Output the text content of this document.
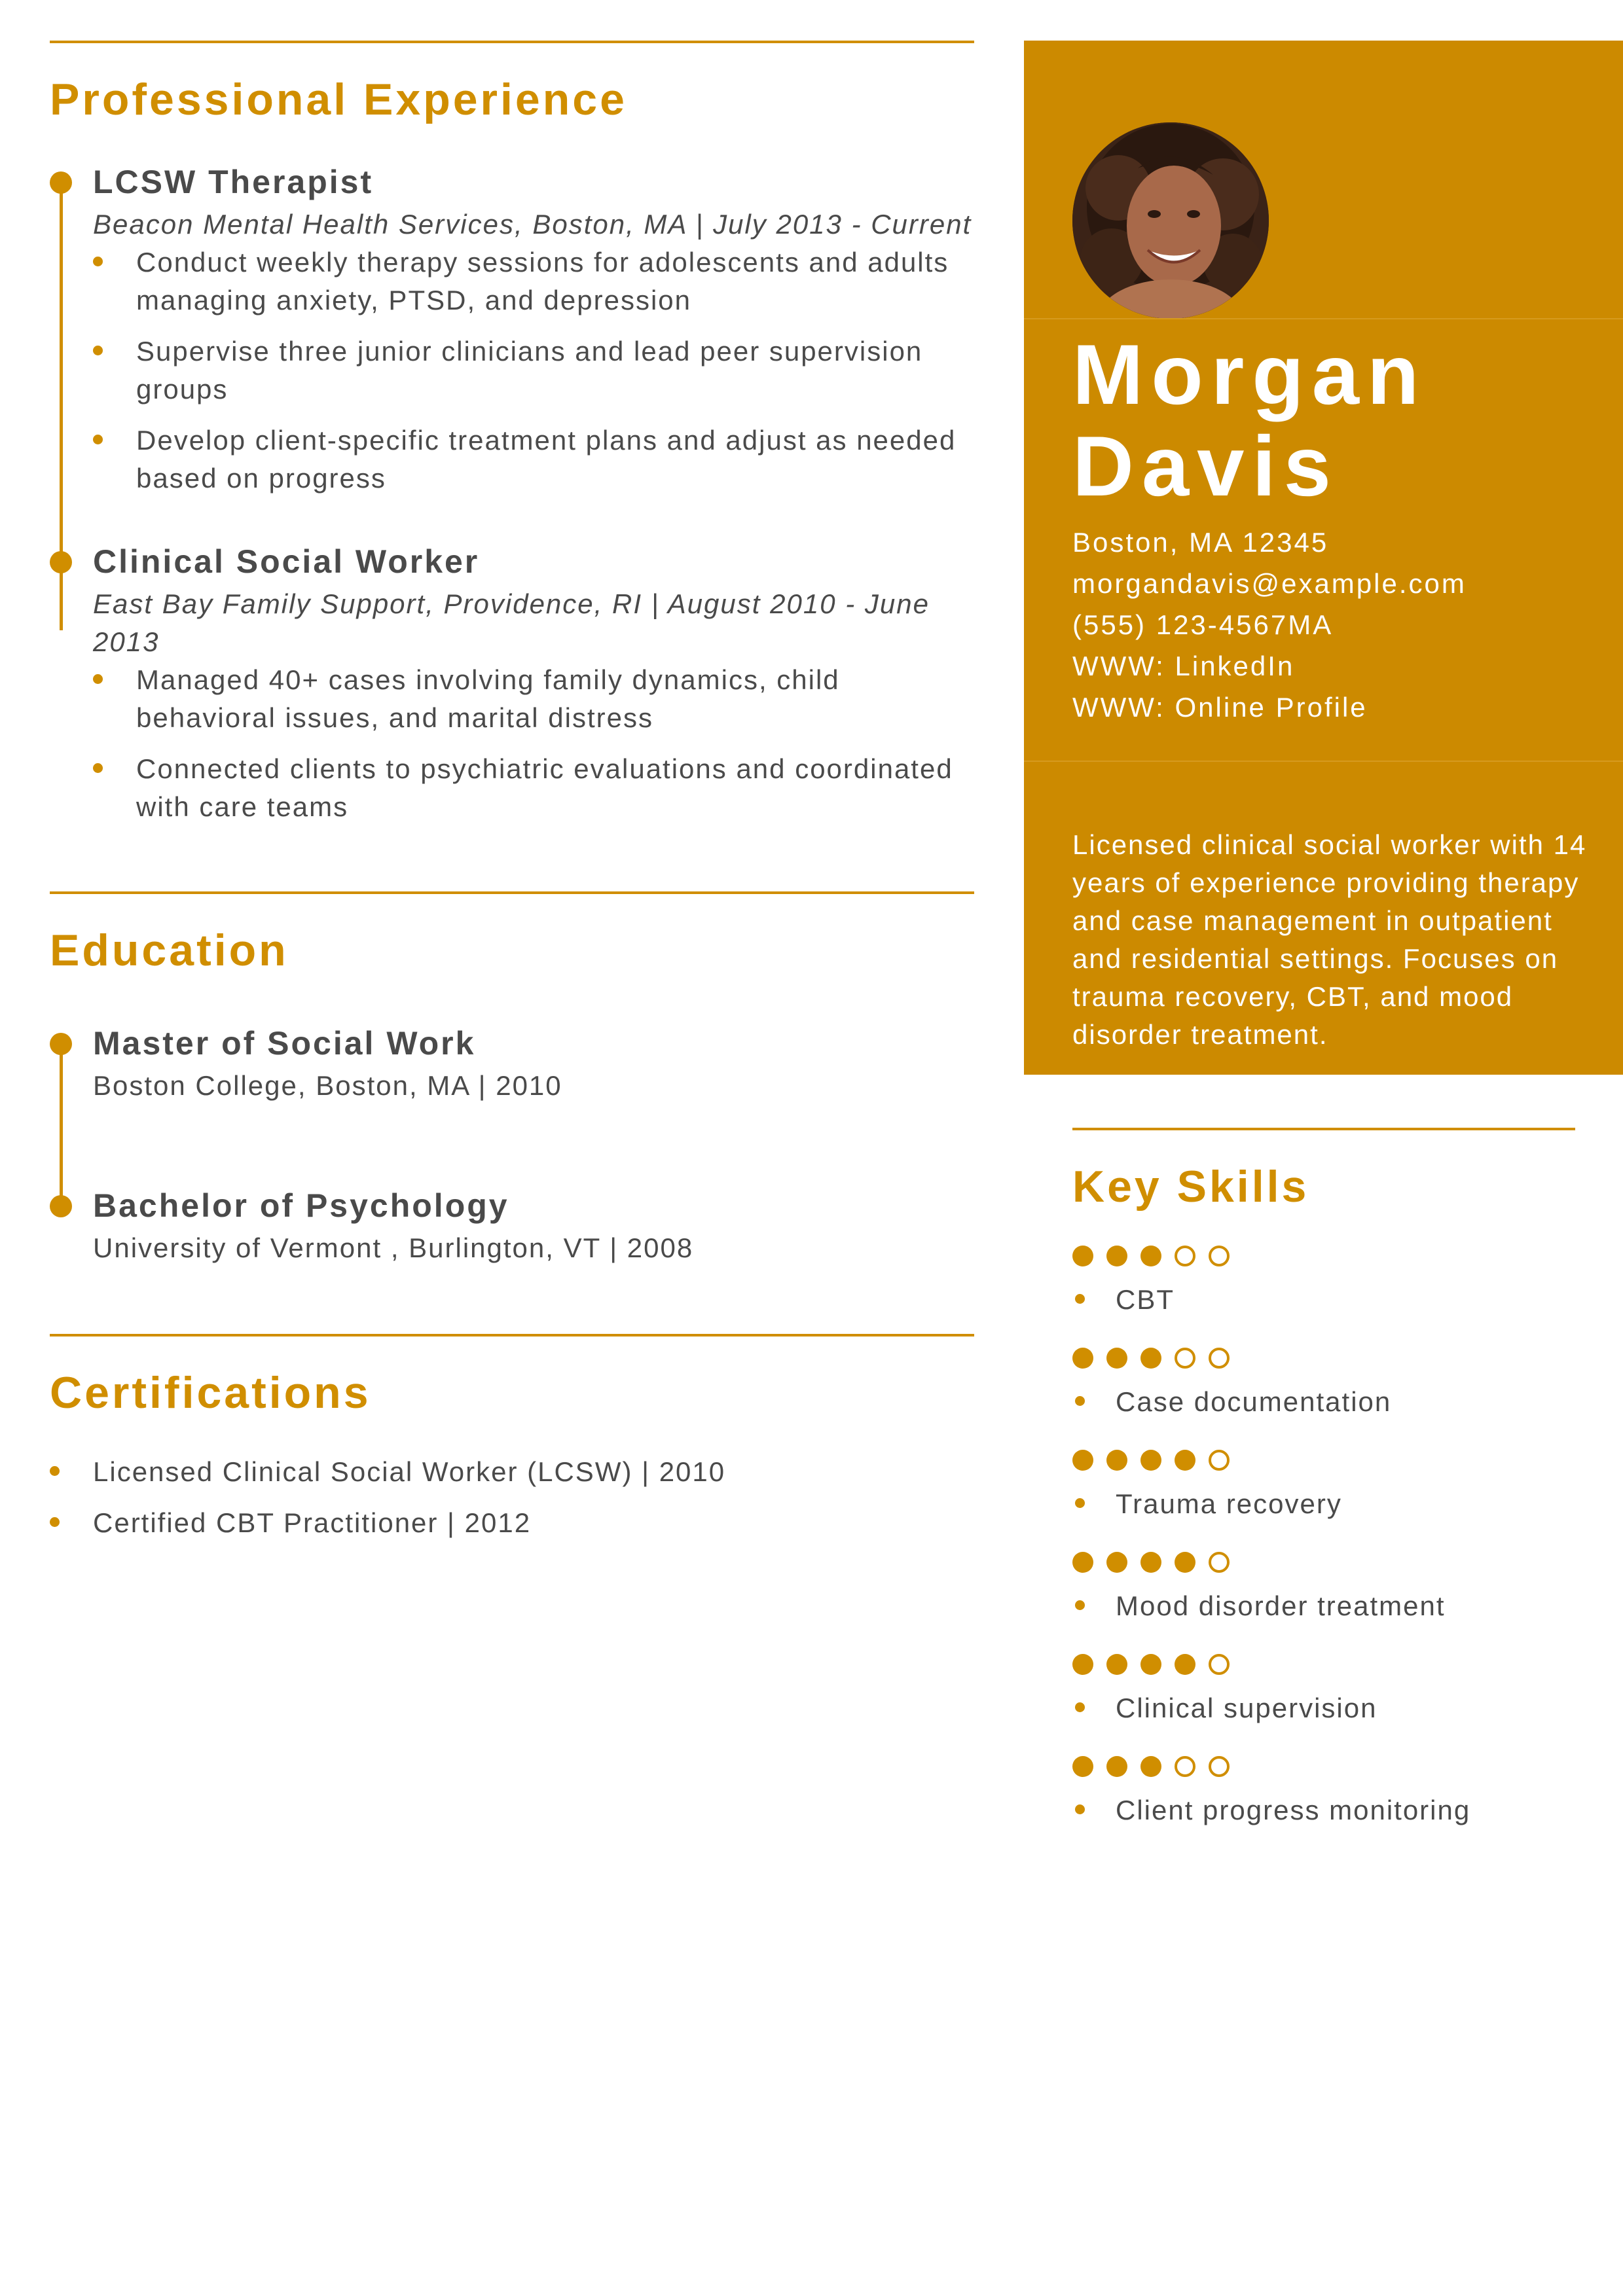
Professional Experience
LCSW Therapist
Beacon Mental Health Services, Boston, MA | July 2013 - Current
Conduct weekly therapy sessions for adolescents and adults managing anxiety, PTSD, and depression
Supervise three junior clinicians and lead peer supervision groups
Develop client-specific treatment plans and adjust as needed based on progress
Clinical Social Worker
East Bay Family Support, Providence, RI | August 2010 - June 2013
Managed 40+ cases involving family dynamics, child behavioral issues, and marital distress
Connected clients to psychiatric evaluations and coordinated with care teams
Education
Master of Social Work
Boston College, Boston, MA | 2010
Bachelor of Psychology
University of Vermont , Burlington, VT | 2008
Certifications
Licensed Clinical Social Worker (LCSW) | 2010
Certified CBT Practitioner | 2012
Morgan
Davis
Boston, MA 12345
morgandavis@example.com
(555) 123-4567MA
WWW: LinkedIn
WWW: Online Profile
Licensed clinical social worker with 14 years of experience providing therapy and case management in outpatient and residential settings. Focuses on trauma recovery, CBT, and mood disorder treatment.
Key Skills
CBT
Case documentation
Trauma recovery
Mood disorder treatment
Clinical supervision
Client progress monitoring
